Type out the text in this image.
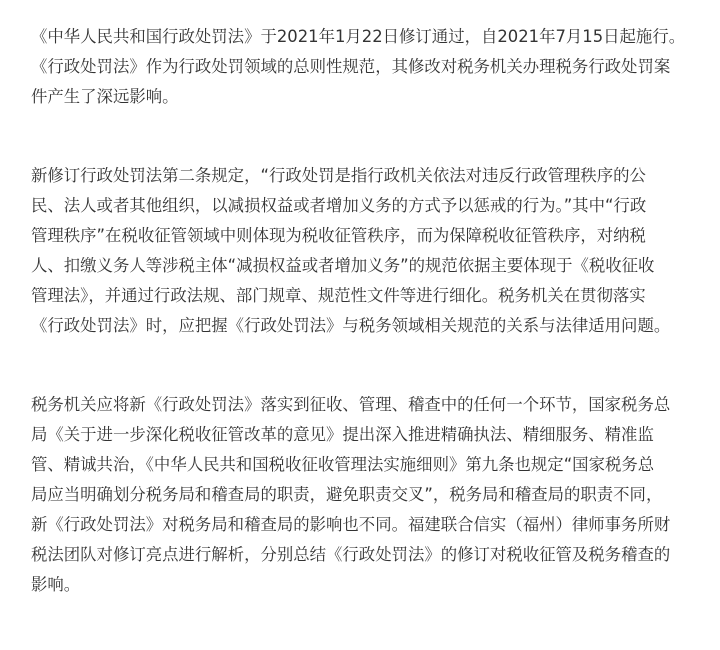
《中华人民共和国行政处罚法》于2021年1月22日修订通过，自2021年7月15日起施行。
《行政处罚法》作为行政处罚领域的总则性规范，其修改对税务机关办理税务行政处罚案
件产生了深远影响。

新修订行政处罚法第二条规定，“行政处罚是指行政机关依法对违反行政管理秩序的公
民、法人或者其他组织，以减损权益或者增加义务的方式予以惩戒的行为。”其中“行政
管理秩序”在税收征管领域中则体现为税收征管秩序，而为保障税收征管秩序，对纳税
人、扣缴义务人等涉税主体“减损权益或者增加义务”的规范依据主要体现于《税收征收
管理法》，并通过行政法规、部门规章、规范性文件等进行细化。税务机关在贯彻落实
《行政处罚法》时，应把握《行政处罚法》与税务领域相关规范的关系与法律适用问题。

税务机关应将新《行政处罚法》落实到征收、管理、稽查中的任何一个环节，国家税务总
局《关于进一步深化税收征管改革的意见》提出深入推进精确执法、精细服务、精准监
管、精诚共治，《中华人民共和国税收征收管理法实施细则》第九条也规定“国家税务总
局应当明确划分税务局和稽查局的职责，避免职责交叉”，税务局和稽查局的职责不同，
新《行政处罚法》对税务局和稽查局的影响也不同。福建联合信实（福州）律师事务所财
税法团队对修订亮点进行解析，分别总结《行政处罚法》的修订对税收征管及税务稽查的
影响。
